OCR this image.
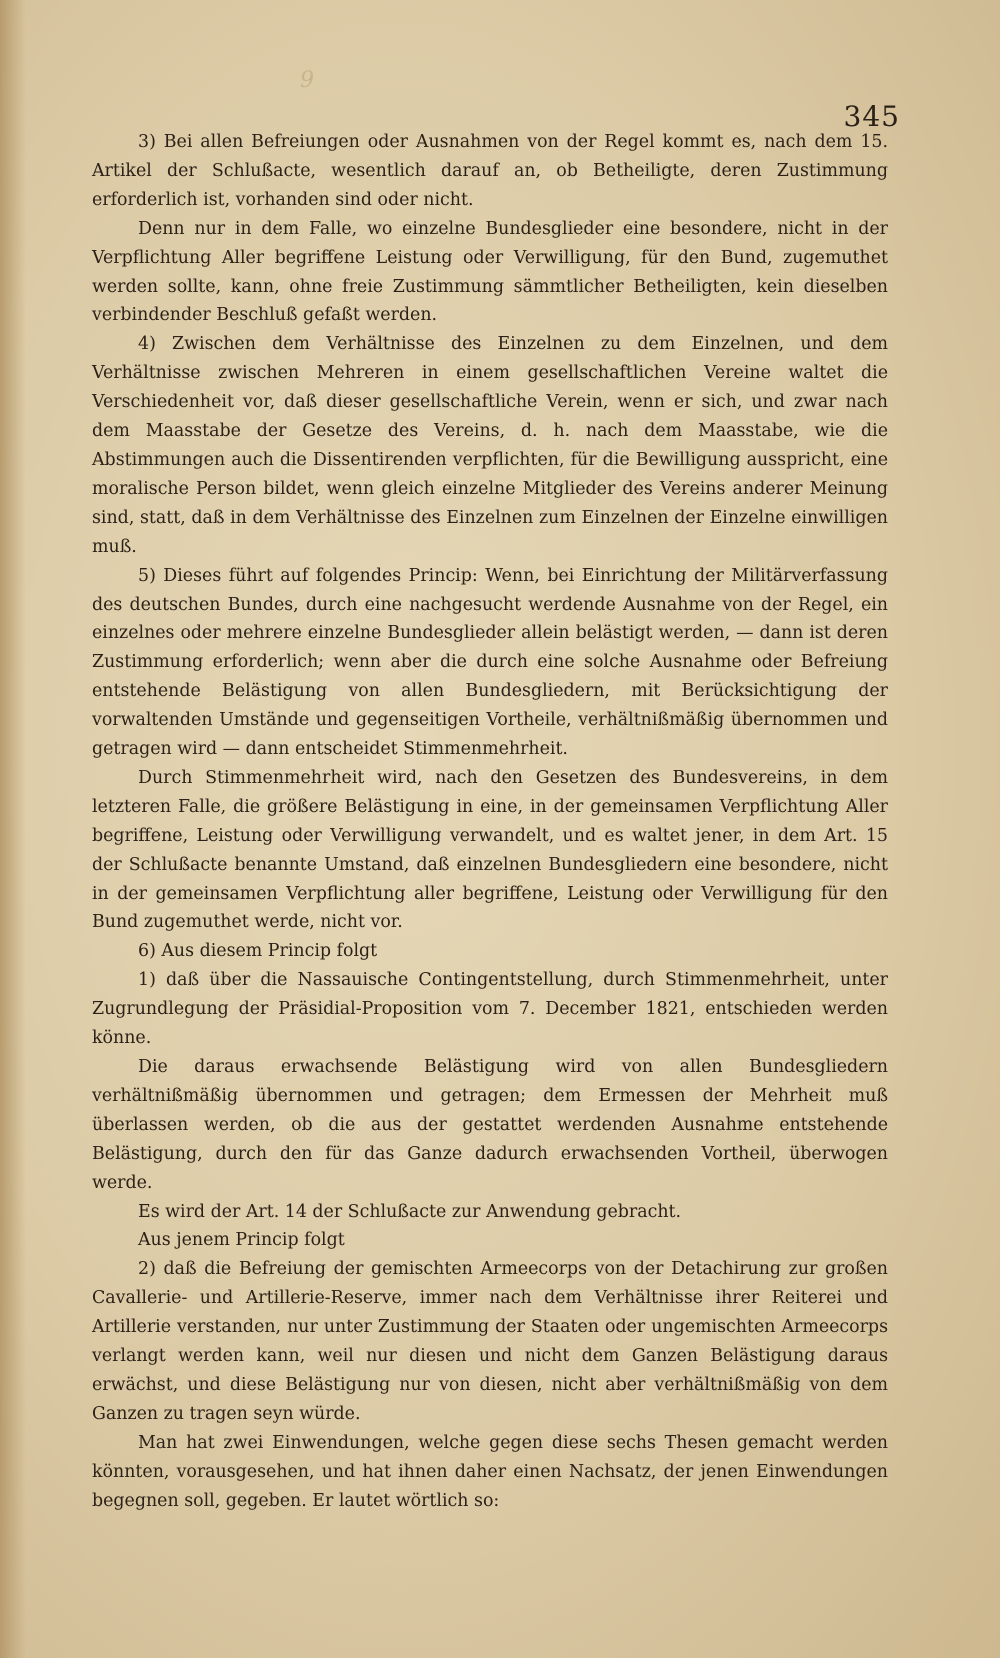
9
345

3) Bei allen Befreiungen oder Ausnahmen von der Regel kommt es, nach dem 15. Artikel der Schlußacte, wesentlich darauf an, ob Betheiligte, deren Zustimmung erforderlich ist, vorhanden sind oder nicht.

Denn nur in dem Falle, wo einzelne Bundesglieder eine besondere, nicht in der Verpflichtung Aller begriffene Leistung oder Verwilligung, für den Bund, zugemuthet werden sollte, kann, ohne freie Zustimmung sämmtlicher Betheiligten, kein dieselben verbindender Beschluß gefaßt werden.

4) Zwischen dem Verhältnisse des Einzelnen zu dem Einzelnen, und dem Verhältnisse zwischen Mehreren in einem gesellschaftlichen Vereine waltet die Verschiedenheit vor, daß dieser gesellschaftliche Verein, wenn er sich, und zwar nach dem Maasstabe der Gesetze des Vereins, d. h. nach dem Maasstabe, wie die Abstimmungen auch die Dissentirenden verpflichten, für die Bewilligung ausspricht, eine moralische Person bildet, wenn gleich einzelne Mitglieder des Vereins anderer Meinung sind, statt, daß in dem Verhältnisse des Einzelnen zum Einzelnen der Einzelne einwilligen muß.

5) Dieses führt auf folgendes Princip: Wenn, bei Einrichtung der Militärverfassung des deutschen Bundes, durch eine nachgesucht werdende Ausnahme von der Regel, ein einzelnes oder mehrere einzelne Bundesglieder allein belästigt werden, — dann ist deren Zustimmung erforderlich; wenn aber die durch eine solche Ausnahme oder Befreiung entstehende Belästigung von allen Bundesgliedern, mit Berücksichtigung der vorwaltenden Umstände und gegenseitigen Vortheile, verhältnißmäßig übernommen und getragen wird — dann entscheidet Stimmenmehrheit.

Durch Stimmenmehrheit wird, nach den Gesetzen des Bundesvereins, in dem letzteren Falle, die größere Belästigung in eine, in der gemeinsamen Verpflichtung Aller begriffene, Leistung oder Verwilligung verwandelt, und es waltet jener, in dem Art. 15 der Schlußacte benannte Umstand, daß einzelnen Bundesgliedern eine besondere, nicht in der gemeinsamen Verpflichtung aller begriffene, Leistung oder Verwilligung für den Bund zugemuthet werde, nicht vor.

6) Aus diesem Princip folgt

1) daß über die Nassauische Contingentstellung, durch Stimmenmehrheit, unter Zugrundlegung der Präsidial-Proposition vom 7. December 1821, entschieden werden könne.

Die daraus erwachsende Belästigung wird von allen Bundesgliedern verhältnißmäßig übernommen und getragen; dem Ermessen der Mehrheit muß überlassen werden, ob die aus der gestattet werdenden Ausnahme entstehende Belästigung, durch den für das Ganze dadurch erwachsenden Vortheil, überwogen werde.

Es wird der Art. 14 der Schlußacte zur Anwendung gebracht.

Aus jenem Princip folgt

2) daß die Befreiung der gemischten Armeecorps von der Detachirung zur großen Cavallerie- und Artillerie-Reserve, immer nach dem Verhältnisse ihrer Reiterei und Artillerie verstanden, nur unter Zustimmung der Staaten oder ungemischten Armeecorps verlangt werden kann, weil nur diesen und nicht dem Ganzen Belästigung daraus erwächst, und diese Belästigung nur von diesen, nicht aber verhältnißmäßig von dem Ganzen zu tragen seyn würde.

Man hat zwei Einwendungen, welche gegen diese sechs Thesen gemacht werden könnten, vorausgesehen, und hat ihnen daher einen Nachsatz, der jenen Einwendungen begegnen soll, gegeben. Er lautet wörtlich so:
